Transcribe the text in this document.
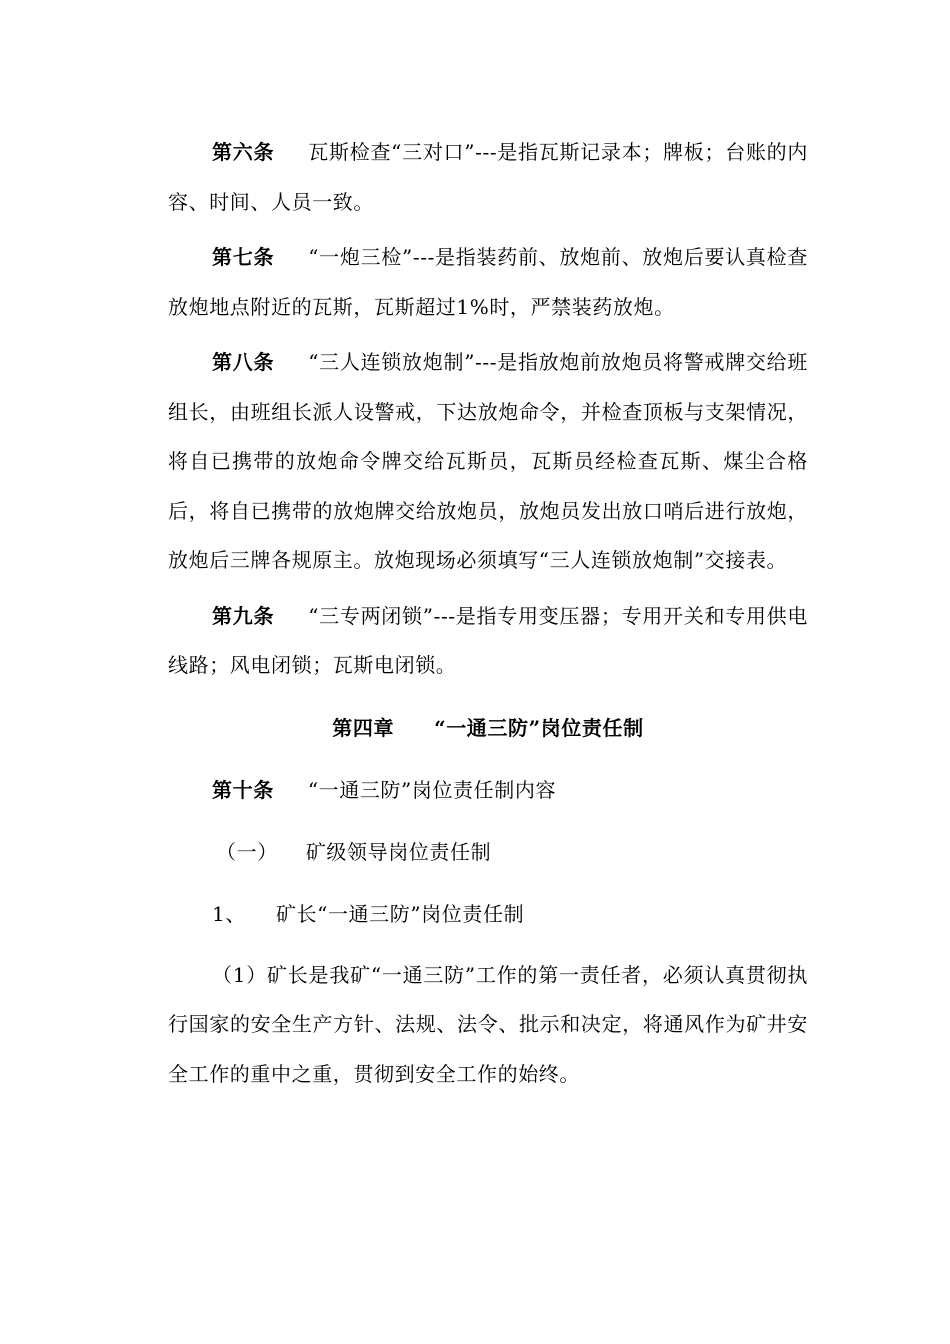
第六条 瓦斯检查“三对口”---是指瓦斯记录本；牌板；台账的内容、时间、人员一致。

第七条 “一炮三检”---是指装药前、放炮前、放炮后要认真检查放炮地点附近的瓦斯，瓦斯超过1%时，严禁装药放炮。

第八条 “三人连锁放炮制”---是指放炮前放炮员将警戒牌交给班组长，由班组长派人设警戒，下达放炮命令，并检查顶板与支架情况，将自已携带的放炮命令牌交给瓦斯员，瓦斯员经检查瓦斯、煤尘合格后，将自已携带的放炮牌交给放炮员，放炮员发出放口哨后进行放炮，放炮后三牌各规原主。放炮现场必须填写“三人连锁放炮制”交接表。

第九条 “三专两闭锁”---是指专用变压器；专用开关和专用供电线路；风电闭锁；瓦斯电闭锁。

第四章 “一通三防”岗位责任制
第十条 “一通三防”岗位责任制内容
（一） 矿级领导岗位责任制
1、 矿长“一通三防”岗位责任制

（1）矿长是我矿“一通三防”工作的第一责任者，必须认真贯彻执行国家的安全生产方针、法规、法令、批示和决定，将通风作为矿井安全工作的重中之重，贯彻到安全工作的始终。
